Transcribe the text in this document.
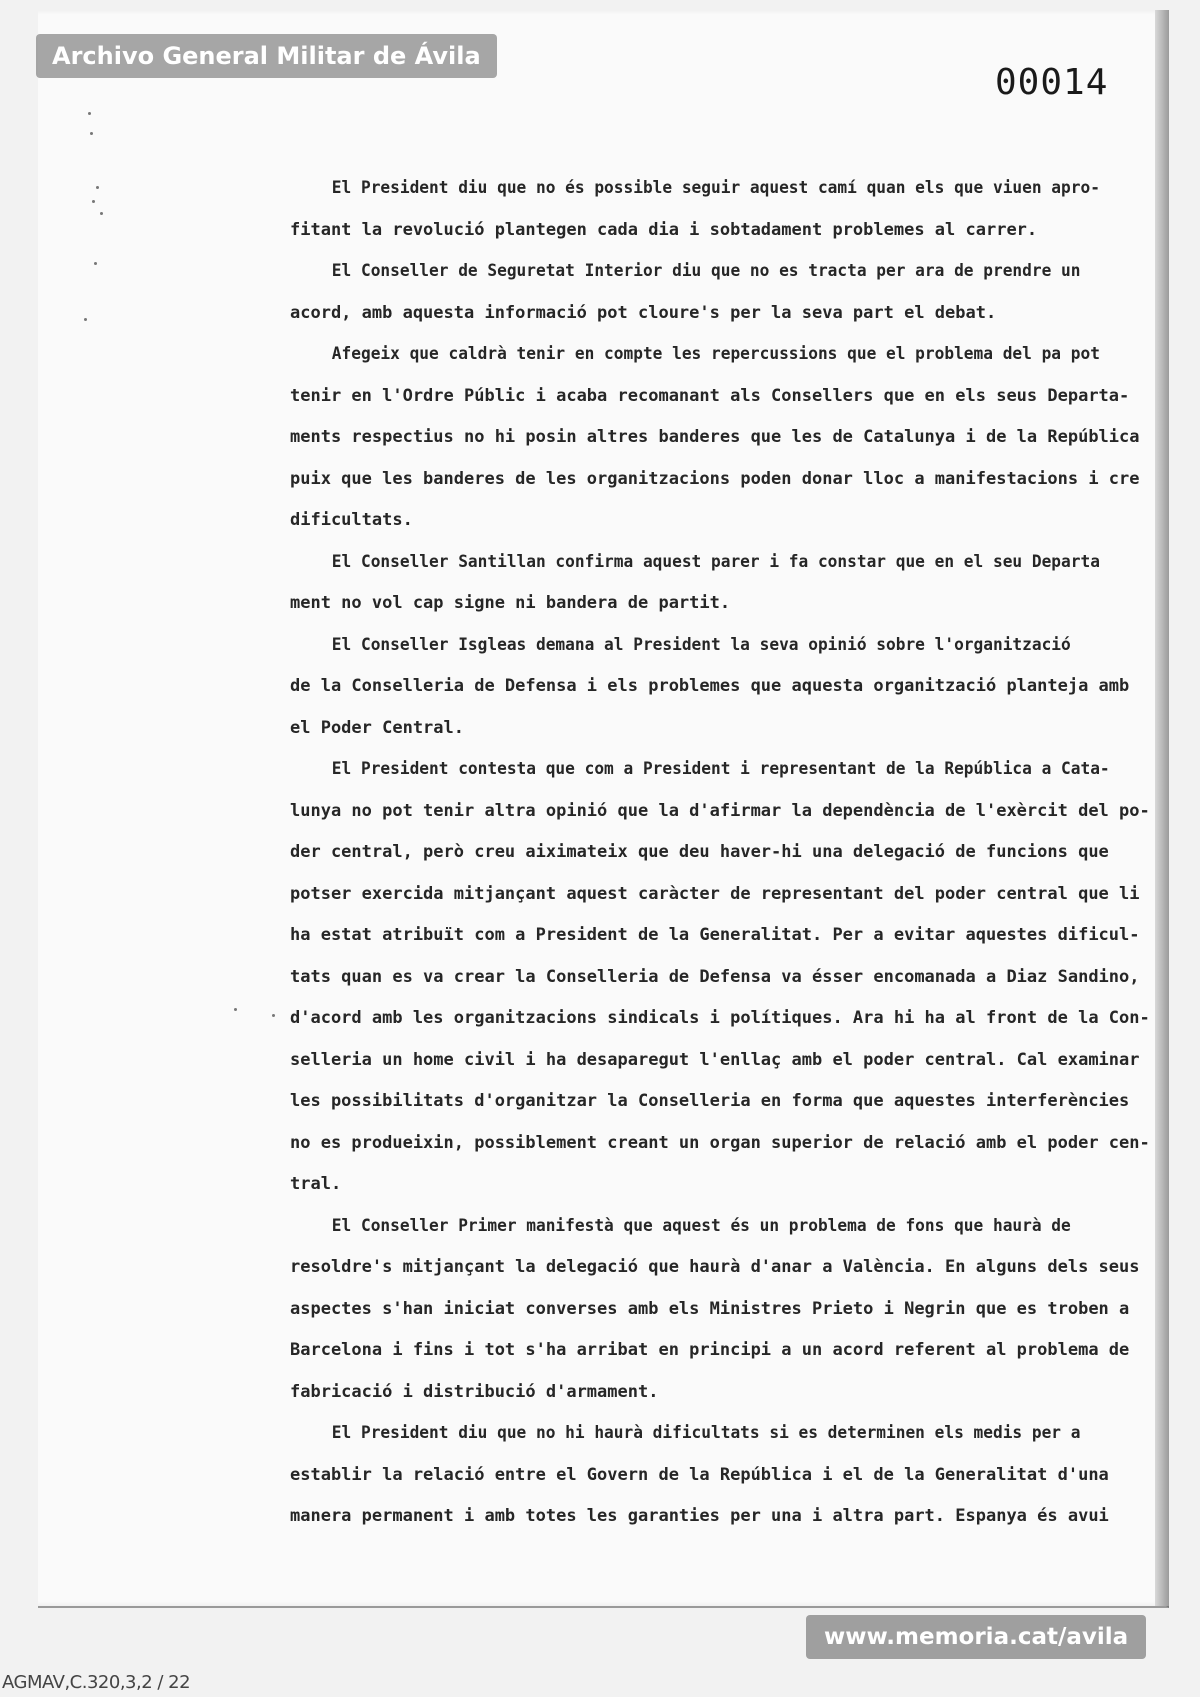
00014

El President diu que no és possible seguir aquest camí quan els que viuen apro-
fitant la revolució plantegen cada dia i sobtadament problemes al carrer.

El Conseller de Seguretat Interior diu que no es tracta per ara de prendre un
acord, amb aquesta informació pot cloure's per la seva part el debat.

Afegeix que caldrà tenir en compte les repercussions que el problema del pa pot
tenir en l'Ordre Públic i acaba recomanant als Consellers que en els seus Departa-
ments respectius no hi posin altres banderes que les de Catalunya i de la República
puix que les banderes de les organitzacions poden donar lloc a manifestacions i cre
dificultats.

El Conseller Santillan confirma aquest parer i fa constar que en el seu Departa
ment no vol cap signe ni bandera de partit.

El Conseller Isgleas demana al President la seva opinió sobre l'organització
de la Conselleria de Defensa i els problemes que aquesta organització planteja amb
el Poder Central.

El President contesta que com a President i representant de la República a Cata-
lunya no pot tenir altra opinió que la d'afirmar la dependència de l'exèrcit del po-
der central, però creu aiximateix que deu haver-hi una delegació de funcions que
potser exercida mitjançant aquest caràcter de representant del poder central que li
ha estat atribuït com a President de la Generalitat. Per a evitar aquestes dificul-
tats quan es va crear la Conselleria de Defensa va ésser encomanada a Diaz Sandino,
d'acord amb les organitzacions sindicals i polítiques. Ara hi ha al front de la Con-
selleria un home civil i ha desaparegut l'enllaç amb el poder central. Cal examinar
les possibilitats d'organitzar la Conselleria en forma que aquestes interferències
no es produeixin, possiblement creant un organ superior de relació amb el poder cen-
tral.

El Conseller Primer manifestà que aquest és un problema de fons que haurà de
resoldre's mitjançant la delegació que haurà d'anar a València. En alguns dels seus
aspectes s'han iniciat converses amb els Ministres Prieto i Negrin que es troben a
Barcelona i fins i tot s'ha arribat en principi a un acord referent al problema de
fabricació i distribució d'armament.

El President diu que no hi haurà dificultats si es determinen els medis per a
establir la relació entre el Govern de la República i el de la Generalitat d'una
manera permanent i amb totes les garanties per una i altra part. Espanya és avui

Archivo General Militar de Ávila
www.memoria.cat/avila
AGMAV,C.320,3,2 / 22
